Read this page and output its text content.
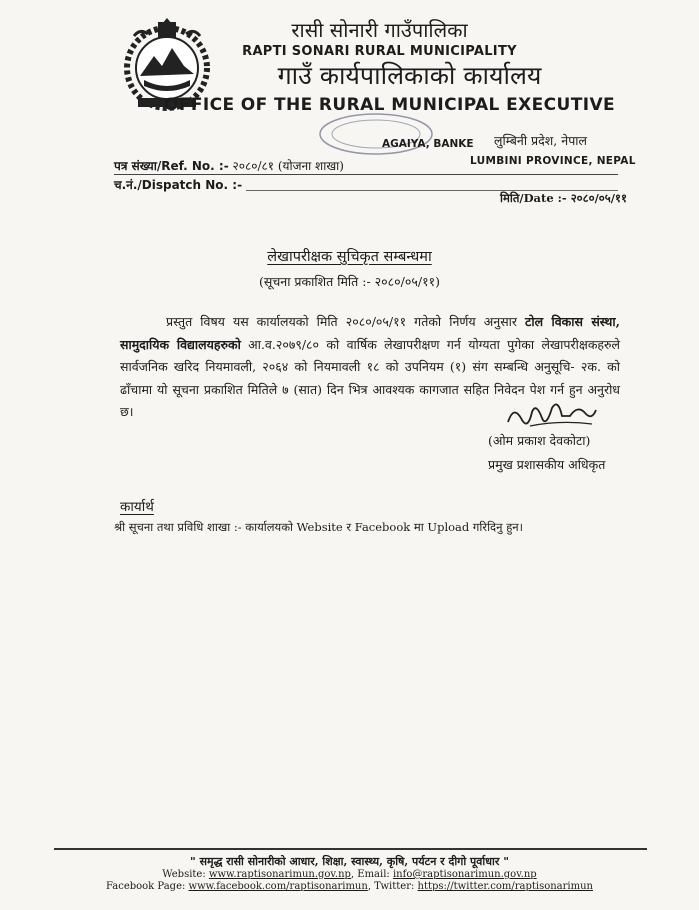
रासी सोनारी गाउँपालिका
RAPTI SONARI RURAL MUNICIPALITY
गाउँ कार्यपालिकाको कार्यालय
OFFICE OF THE RURAL MUNICIPAL EXECUTIVE
AGAIYA, BANKE लुम्बिनी प्रदेश, नेपाल
LUMBINI PROVINCE, NEPAL
पत्र संख्या/Ref. No. :- २०८०/८१ (योजना शाखा)
च.नं./Dispatch No. :-
मिति/Date :- २०८०/०५/११
लेखापरीक्षक सुचिकृत सम्बन्धमा
(सूचना प्रकाशित मिति :- २०८०/०५/११)
प्रस्तुत विषय यस कार्यालयको मिति २०८०/०५/११ गतेको निर्णय अनुसार टोल विकास संस्था, सामुदायिक विद्यालयहरुको आ.व.२०७९/८० को वार्षिक लेखापरीक्षण गर्न योग्यता पुगेका लेखापरीक्षकहरुले सार्वजनिक खरिद नियमावली, २०६४ को नियमावली १८ को उपनियम (१) संग सम्बन्धि अनुसूचि- २क. को ढाँचामा यो सूचना प्रकाशित मितिले ७ (सात) दिन भित्र आवश्यक कागजात सहित निवेदन पेश गर्न हुन अनुरोध छ।
(ओम प्रकाश देवकोटा)
प्रमुख प्रशासकीय अधिकृत
कार्यार्थ
श्री सूचना तथा प्रविधि शाखा :- कार्यालयको Website र Facebook मा Upload गरिदिनु हुन।
" समृद्ध रासी सोनारीको आधार, शिक्षा, स्वास्थ्य, कृषि, पर्यटन र दीगो पूर्वाधार "
Website: www.raptisonarimun.gov.np, Email: info@raptisonarimun.gov.np
Facebook Page: www.facebook.com/raptisonarimun, Twitter: https://twitter.com/raptisonarimun
